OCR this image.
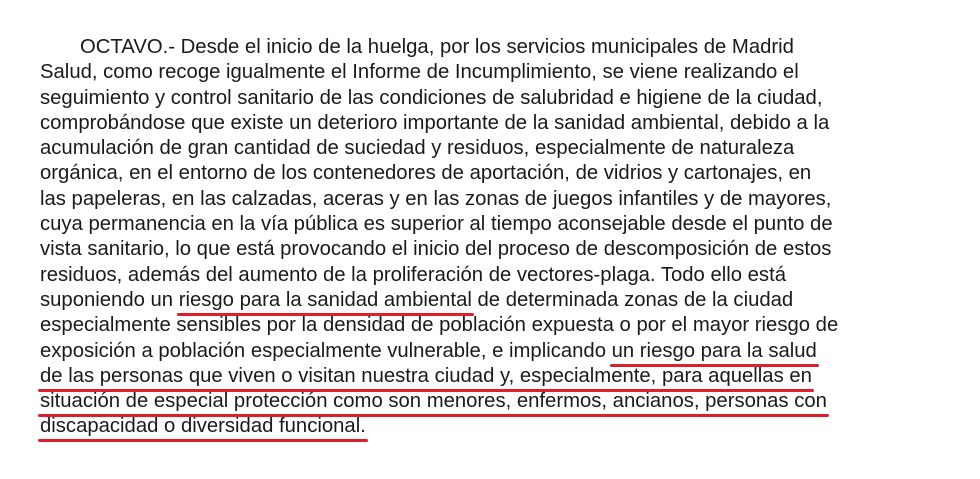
OCTAVO.- Desde el inicio de la huelga, por los servicios municipales de Madrid
Salud, como recoge igualmente el Informe de Incumplimiento, se viene realizando el
seguimiento y control sanitario de las condiciones de salubridad e higiene de la ciudad,
comprobándose que existe un deterioro importante de la sanidad ambiental, debido a la
acumulación de gran cantidad de suciedad y residuos, especialmente de naturaleza
orgánica, en el entorno de los contenedores de aportación, de vidrios y cartonajes, en
las papeleras, en las calzadas, aceras y en las zonas de juegos infantiles y de mayores,
cuya permanencia en la vía pública es superior al tiempo aconsejable desde el punto de
vista sanitario, lo que está provocando el inicio del proceso de descomposición de estos
residuos, además del aumento de la proliferación de vectores-plaga. Todo ello está
suponiendo un riesgo para la sanidad ambiental
de determinada zonas de la ciudad
especialmente sensibles por la densidad de población expuesta o por el mayor riesgo de
exposición a población especialmente vulnerable, e implicando un riesgo para la salud
de las personas que viven o visitan nuestra ciudad y, especialmente, para aquellas en
situación de especial protección como son menores, enfermos, ancianos, personas con
discapacidad o diversidad funcional.
